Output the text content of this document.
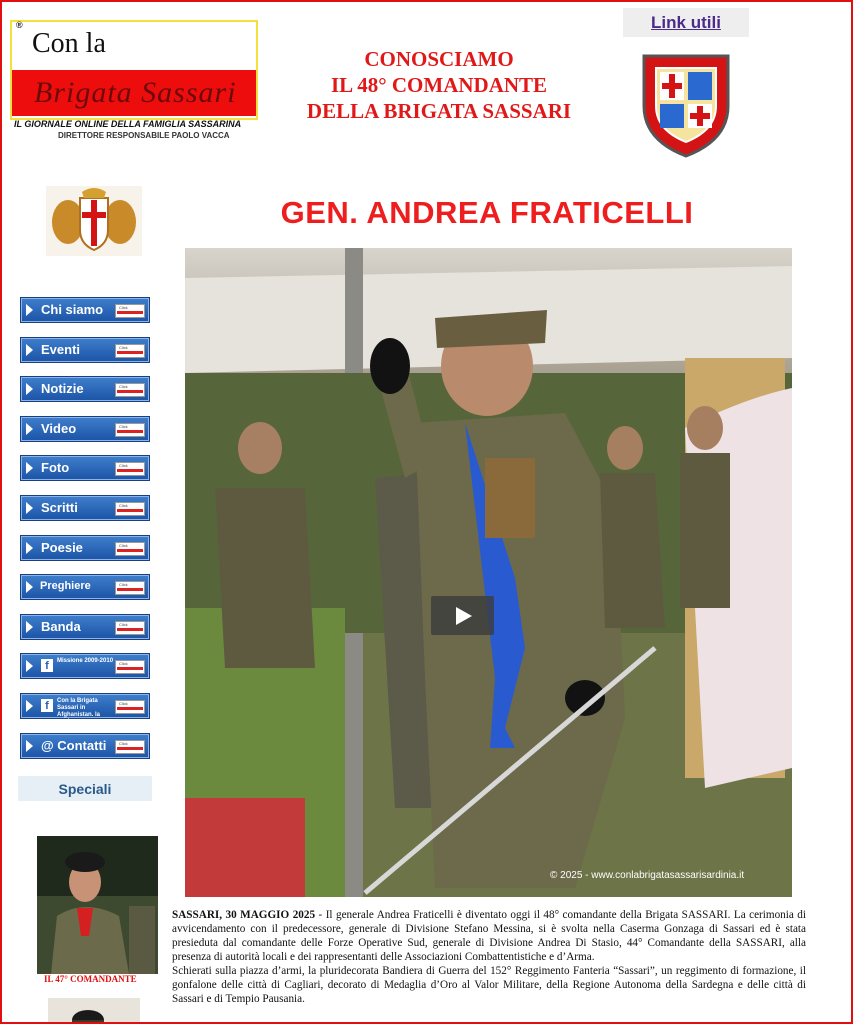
®
Con la
Brigata Sassari
IL GIORNALE ONLINE DELLA FAMIGLIA SASSARINA
DIRETTORE RESPONSABILE PAOLO VACCA
CONOSCIAMO
IL 48° COMANDANTE
DELLA BRIGATA SASSARI
Link utili
GEN. ANDREA FRATICELLI
Chi siamo	Click
Eventi	Click
Notizie	Click
Video	Click
Foto	Click
Scritti	Click
Poesie	Click
Preghiere	Click
Banda	Click
f	Missione 2009-2010	Click
f	Con la Brigata Sassari in Afghanistan. la pagina
Click
@ Contatti	Click
Speciali
IL 47° COMANDANTE
© 2025 - www.conlabrigatasassarisardinia.it

SASSARI, 30 MAGGIO 2025 - Il generale Andrea Fraticelli è diventato oggi il 48° comandante della Brigata SASSARI. La cerimonia di avvicendamento con il predecessore, generale di Divisione Stefano Messina, si è svolta nella Caserma Gonzaga di Sassari ed è stata presieduta dal comandante delle Forze Operative Sud, generale di Divisione Andrea Di Stasio, 44° Comandante della SASSARI, alla presenza di autorità locali e dei rappresentanti delle Associazioni Combattentistiche e d’Arma.

Schierati sulla piazza d’armi, la pluridecorata Bandiera di Guerra del 152° Reggimento Fanteria “Sassari”, un reggimento di formazione, il gonfalone delle città di Cagliari, decorato di Medaglia d’Oro al Valor Militare, della Regione Autonoma della Sardegna e delle città di Sassari e di Tempio Pausania.
